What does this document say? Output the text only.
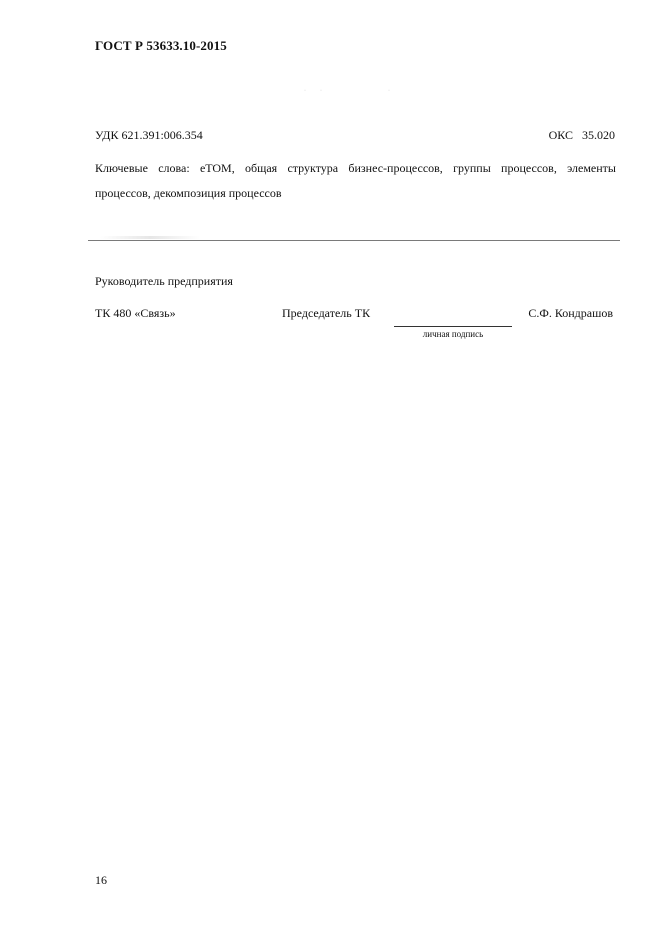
ГОСТ Р 53633.10-2015
· ·	·
УДК 621.391:006.354	ОКС   35.020
Ключевые слова: eTOM, общая структура бизнес-процессов, группы процессов, элементы процессов, декомпозиция процессов
Руководитель предприятия
ТК 480 «Связь»	Председатель ТК
личная подпись
С.Ф. Кондрашов
16
